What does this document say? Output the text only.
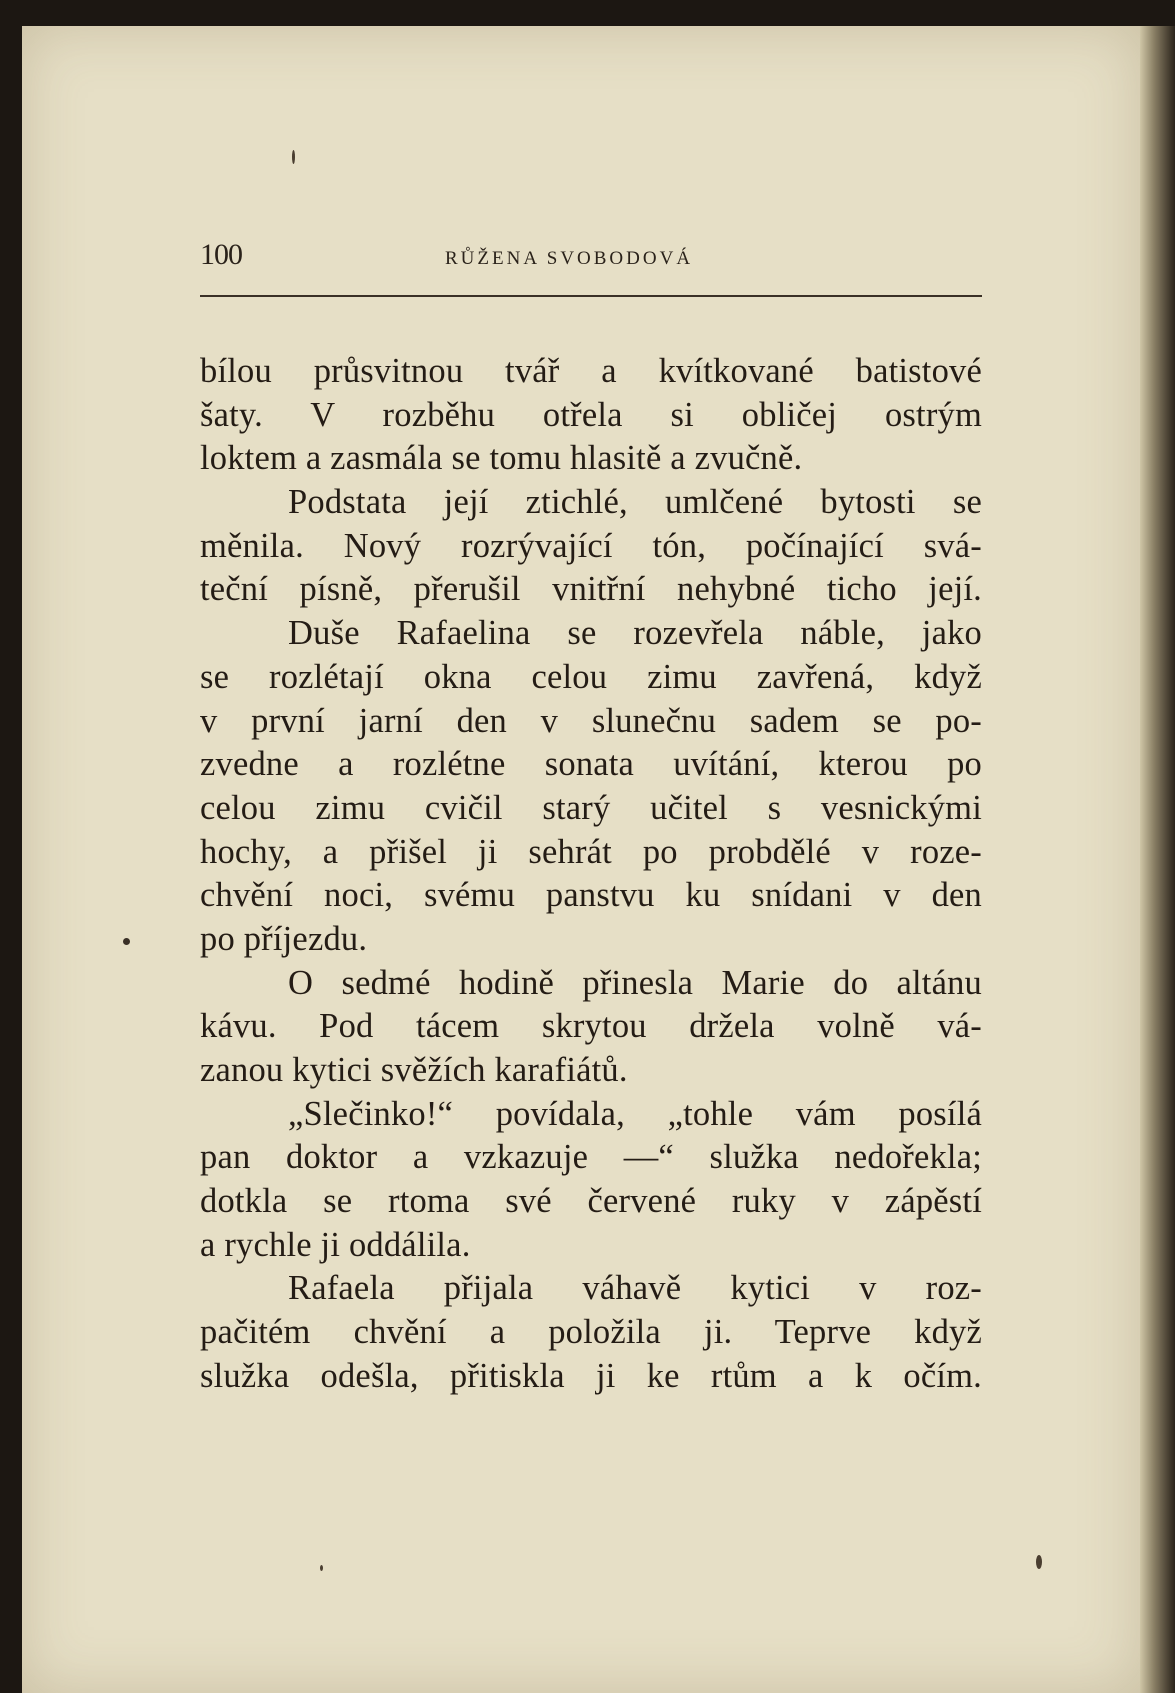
100	RŮŽENA SVOBODOVÁ
bílou průsvitnou tvář a kvítkované batistové
šaty. V rozběhu otřela si obličej ostrým
loktem a zasmála se tomu hlasitě a zvučně.
Podstata její ztichlé, umlčené bytosti se
měnila. Nový rozrývající tón, počínající svá-
teční písně, přerušil vnitřní nehybné ticho její.
Duše Rafaelina se rozevřela náble, jako
se rozlétají okna celou zimu zavřená, když
v první jarní den v slunečnu sadem se po-
zvedne a rozlétne sonata uvítání, kterou po
celou zimu cvičil starý učitel s vesnickými
hochy, a přišel ji sehrát po probdělé v roze-
chvění noci, svému panstvu ku snídani v den
po příjezdu.
O sedmé hodině přinesla Marie do altánu
kávu. Pod tácem skrytou držela volně vá-
zanou kytici svěžích karafiátů.
„Slečinko!“ povídala, „tohle vám posílá
pan doktor a vzkazuje —“ služka nedořekla;
dotkla se rtoma své červené ruky v zápěstí
a rychle ji oddálila.
Rafaela přijala váhavě kytici v roz-
pačitém chvění a položila ji. Teprve když
služka odešla, přitiskla ji ke rtům a k očím.
